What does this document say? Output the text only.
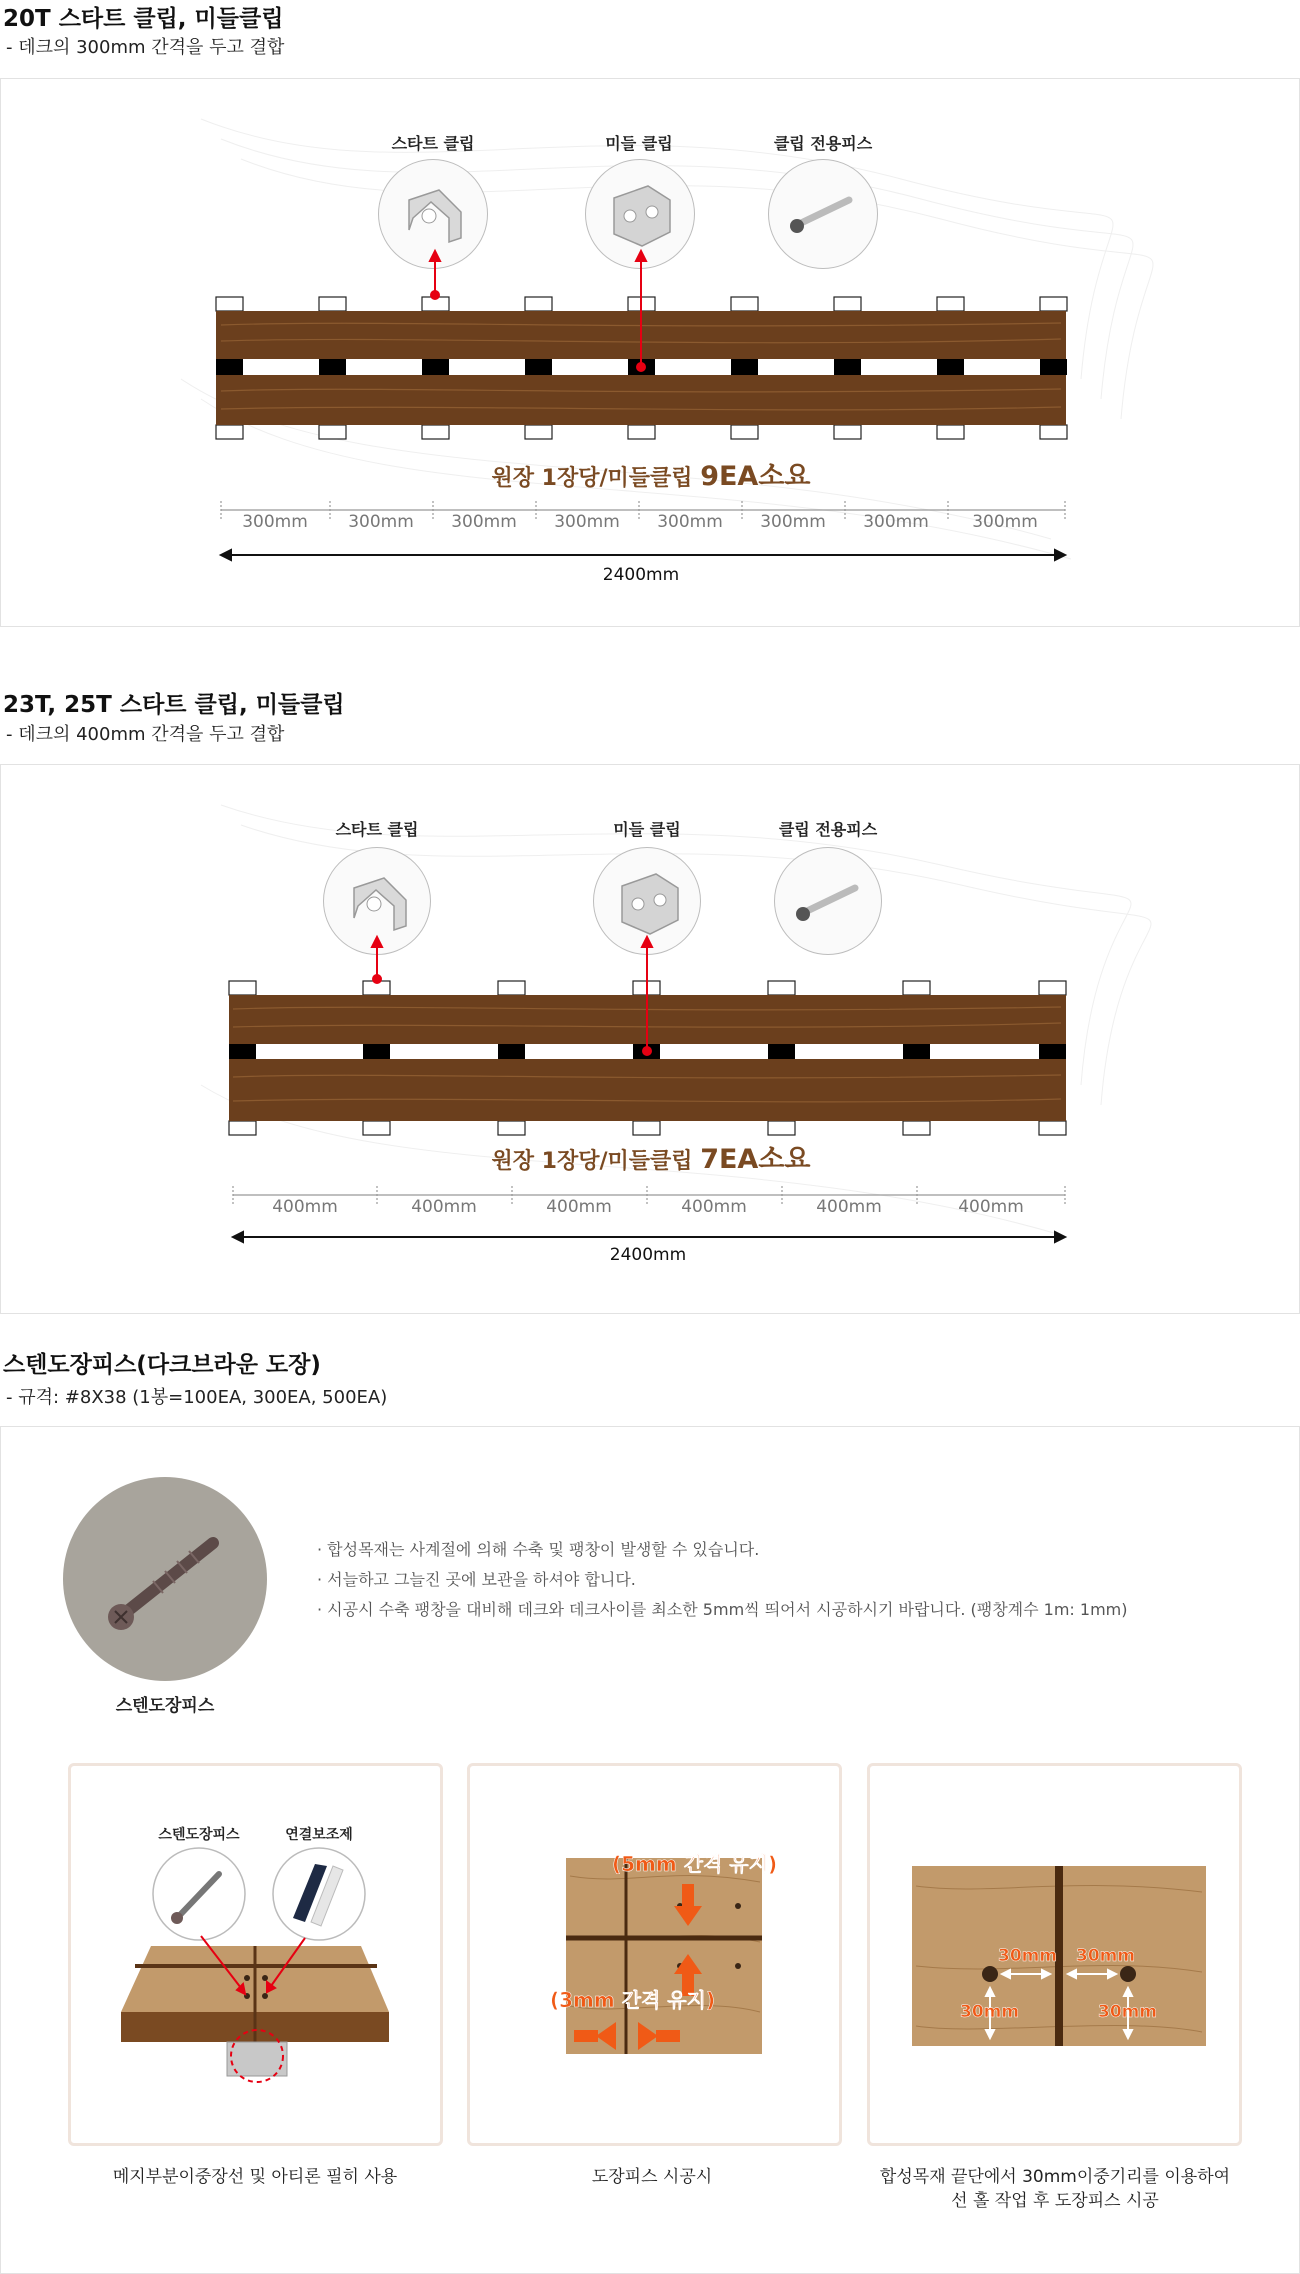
20T 스타트 클립, 미들클립
- 데크의 300mm 간격을 두고 결합
스타트 클립	미들 클립	클립 전용피스
원장 1장당/미들클립 9EA소요
300mm	300mm	300mm	300mm	300mm	300mm	300mm	300mm
2400mm
23T, 25T 스타트 클립, 미들클립
- 데크의 400mm 간격을 두고 결합
스타트 클립	미들 클립	클립 전용피스
원장 1장당/미들클립 7EA소요
400mm	400mm	400mm	400mm	400mm	400mm
2400mm
스텐도장피스(다크브라운 도장)
- 규격: #8X38 (1봉=100EA, 300EA, 500EA)
스텐도장피스
· 합성목재는 사계절에 의해 수축 및 팽창이 발생할 수 있습니다.
· 서늘하고 그늘진 곳에 보관을 하셔야 합니다.
· 시공시 수축 팽창을 대비해 데크와 데크사이를 최소한 5mm씩 띄어서 시공하시기 바랍니다. (팽창계수 1m: 1mm)
스텐도장피스	연결보조제
메지부분이중장선 및 아티론 필히 사용
(5mm 간격 유지)
(3mm 간격 유지)
도장피스 시공시
30mm 30mm
30mm	30mm
합성목재 끝단에서 30mm이중기리를 이용하여
선 홀 작업 후 도장피스 시공
